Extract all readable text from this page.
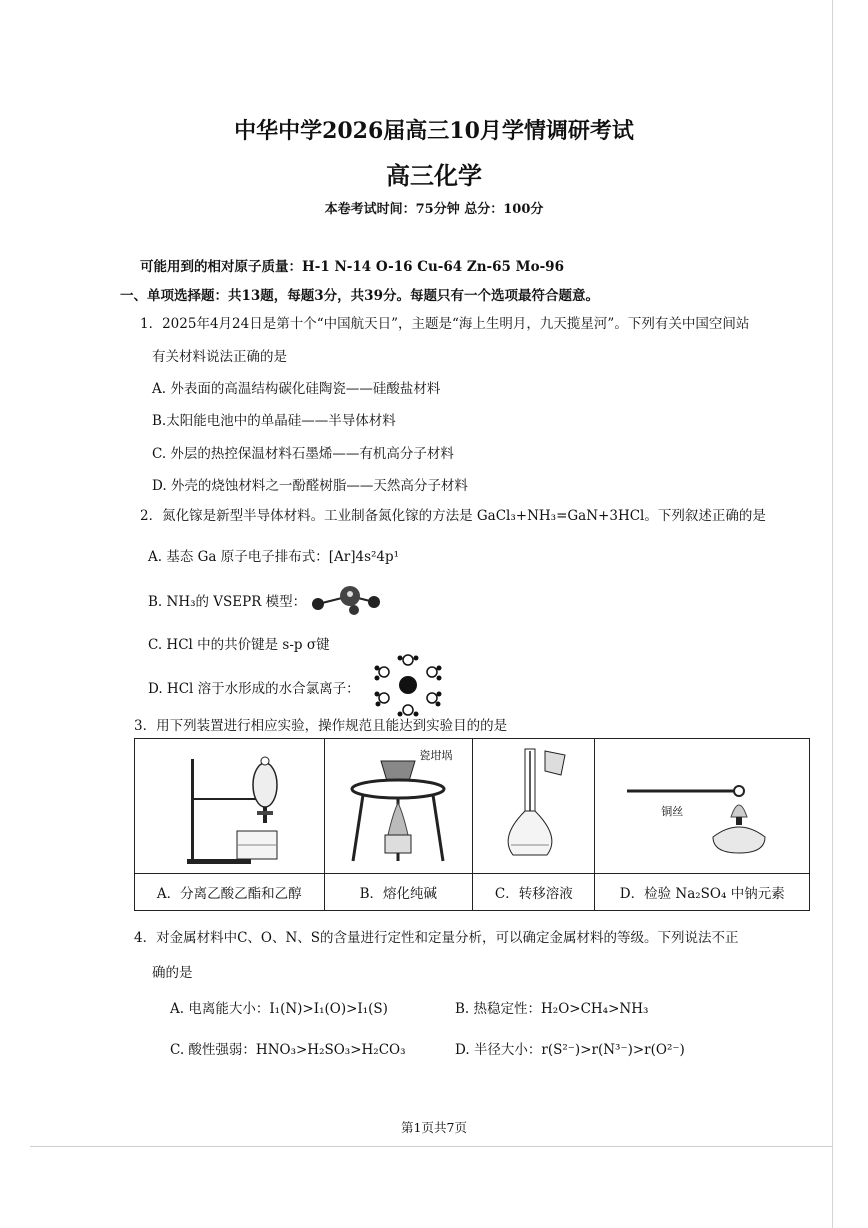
中华中学2026届高三10月学情调研考试
高三化学
本卷考试时间：75分钟 总分：100分
可能用到的相对原子质量：H-1 N-14 O-16 Cu-64 Zn-65 Mo-96
一、单项选择题：共13题，每题3分，共39分。每题只有一个选项最符合题意。
1．2025年4月24日是第十个“中国航天日”，主题是“海上生明月，九天揽星河”。下列有关中国空间站
有关材料说法正确的是
A. 外表面的高温结构碳化硅陶瓷——硅酸盐材料
B.太阳能电池中的单晶硅——半导体材料
C. 外层的热控保温材料石墨烯——有机高分子材料
D. 外壳的烧蚀材料之一酚醛树脂——天然高分子材料
2．氮化镓是新型半导体材料。工业制备氮化镓的方法是 GaCl₃+NH₃=GaN+3HCl。下列叙述正确的是
A. 基态 Ga 原子电子排布式：[Ar]4s²4p¹
B. NH₃的 VSEPR 模型：
C. HCl 中的共价键是 s-p σ键
D. HCl 溶于水形成的水合氯离子：
3．用下列装置进行相应实验，操作规范且能达到实验目的的是

瓷坩埚		铜丝

A．分离乙酸乙酯和乙醇	B．熔化纯碱	C．转移溶液	D．检验 Na₂SO₄ 中钠元素
4．对金属材料中C、O、N、S的含量进行定性和定量分析，可以确定金属材料的等级。下列说法不正
确的是
A. 电离能大小：I₁(N)>I₁(O)>I₁(S)	B. 热稳定性：H₂O>CH₄>NH₃
C. 酸性强弱：HNO₃>H₂SO₃>H₂CO₃	D. 半径大小：r(S²⁻)>r(N³⁻)>r(O²⁻)
第1页共7页
